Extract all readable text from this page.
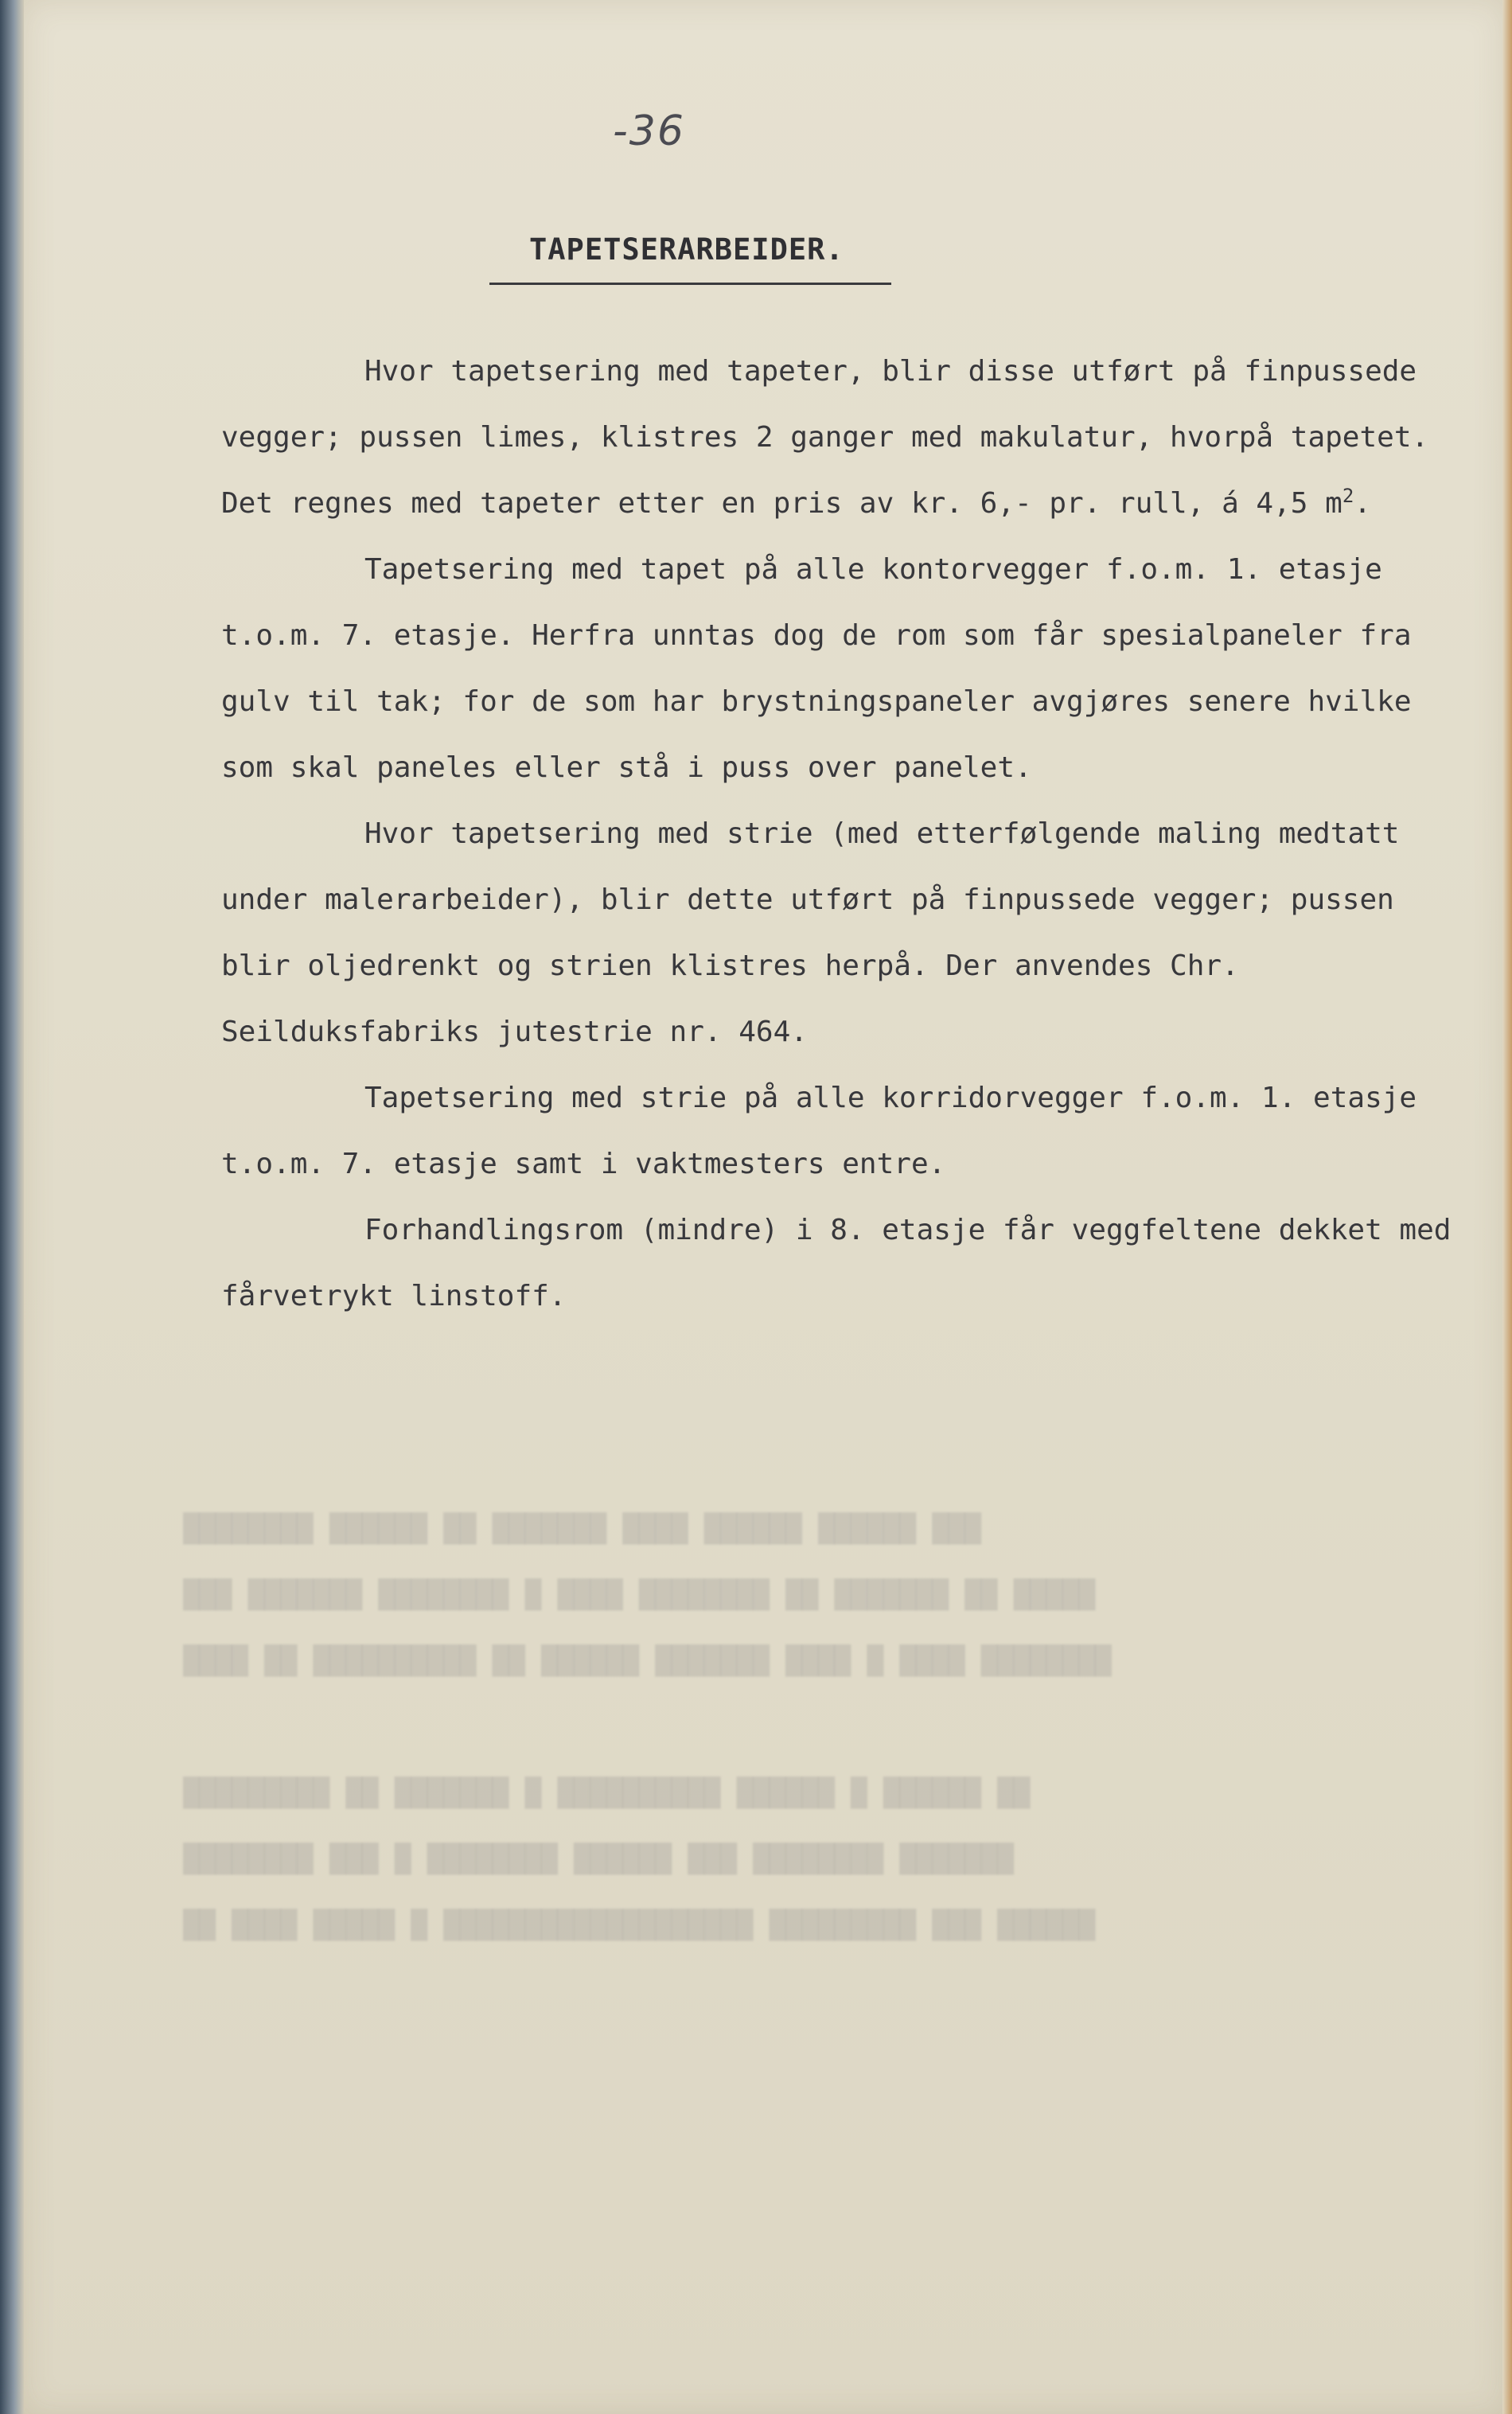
████████ ██████ ██ ███████ ████ ██████ ██████ ███
███ ███████ ████████ █ ████ ████████ ██ ███████ ██ █████
████ ██ ██████████ ██ ██████ ███████ ████ █ ████ ████████

█████████ ██ ███████ █ ██████████ ██████ █ ██████ ██
████████ ███ █ ████████ ██████ ███ ████████ ███████
██ ████ █████ █ ███████████████████ █████████ ███ ██████
-36
TAPETSERARBEIDER.

Hvor tapetsering med tapeter, blir disse utført på finpussede vegger; pussen limes, klistres 2 ganger med makulatur, hvorpå tapetet. Det regnes med tapeter etter en pris av kr. 6,- pr. rull, á 4,5 $m^2$.

Tapetsering med tapet på alle kontorvegger f.o.m. 1. etasje t.o.m. 7. etasje. Herfra unntas dog de rom som får spesialpaneler fra gulv til tak; for de som har brystningspaneler avgjøres senere hvilke som skal paneles eller stå i puss over panelet.

Hvor tapetsering med strie (med etterfølgende maling medtatt under malerarbeider), blir dette utført på finpussede vegger; pussen blir oljedrenkt og strien klistres herpå. Der anvendes Chr. Seilduksfabriks jutestrie nr. 464.

Tapetsering med strie på alle korridorvegger f.o.m. 1. etasje t.o.m. 7. etasje samt i vaktmesters entre.

Forhandlingsrom (mindre) i 8. etasje får veggfeltene dekket med fårvetrykt linstoff.
